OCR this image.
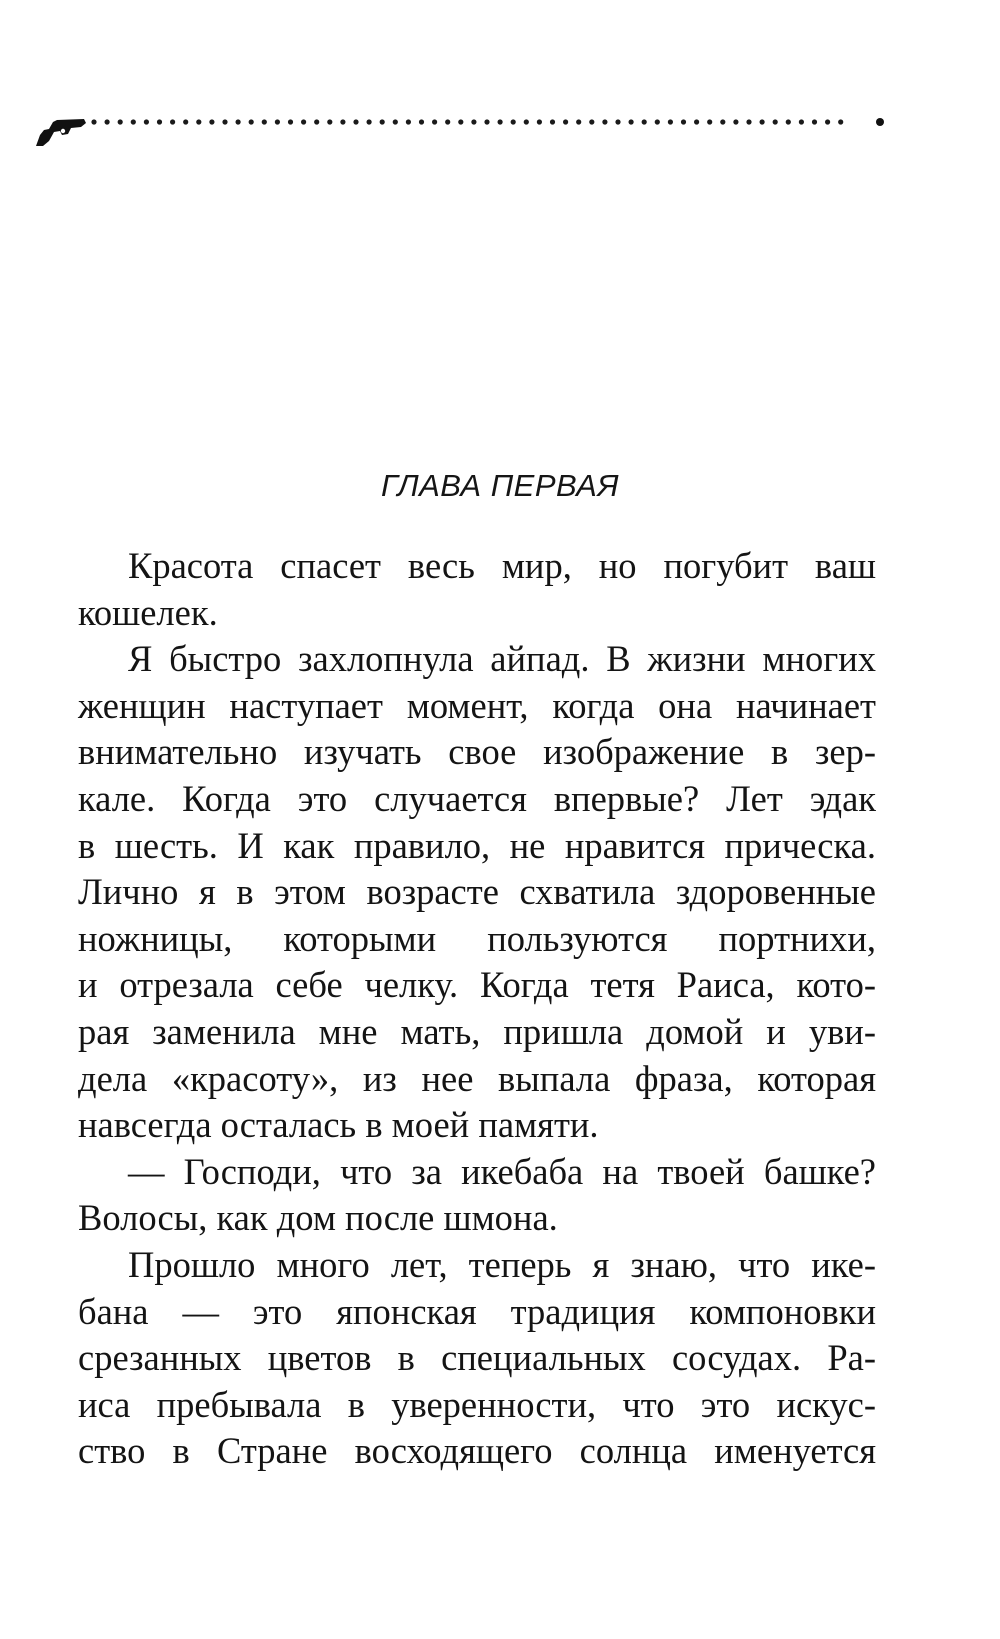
ГЛАВА ПЕРВАЯ

Красота спасет весь мир, но погубит ваш
кошелек.

Я быстро захлопнула айпад. В жизни многих
женщин наступает момент, когда она начинает
внимательно изучать свое изображение в зер-
кале. Когда это случается впервые? Лет эдак
в шесть. И как правило, не нравится прическа.
Лично я в этом возрасте схватила здоровенные
ножницы, которыми пользуются портнихи,
и отрезала себе челку. Когда тетя Раиса, кото-
рая заменила мне мать, пришла домой и уви-
дела «красоту», из нее выпала фраза, которая
навсегда осталась в моей памяти.

— Господи, что за икебаба на твоей башке?
Волосы, как дом после шмона.

Прошло много лет, теперь я знаю, что ике-
бана — это японская традиция компоновки
срезанных цветов в специальных сосудах. Ра-
иса пребывала в уверенности, что это искус-
ство в Стране восходящего солнца именуется
